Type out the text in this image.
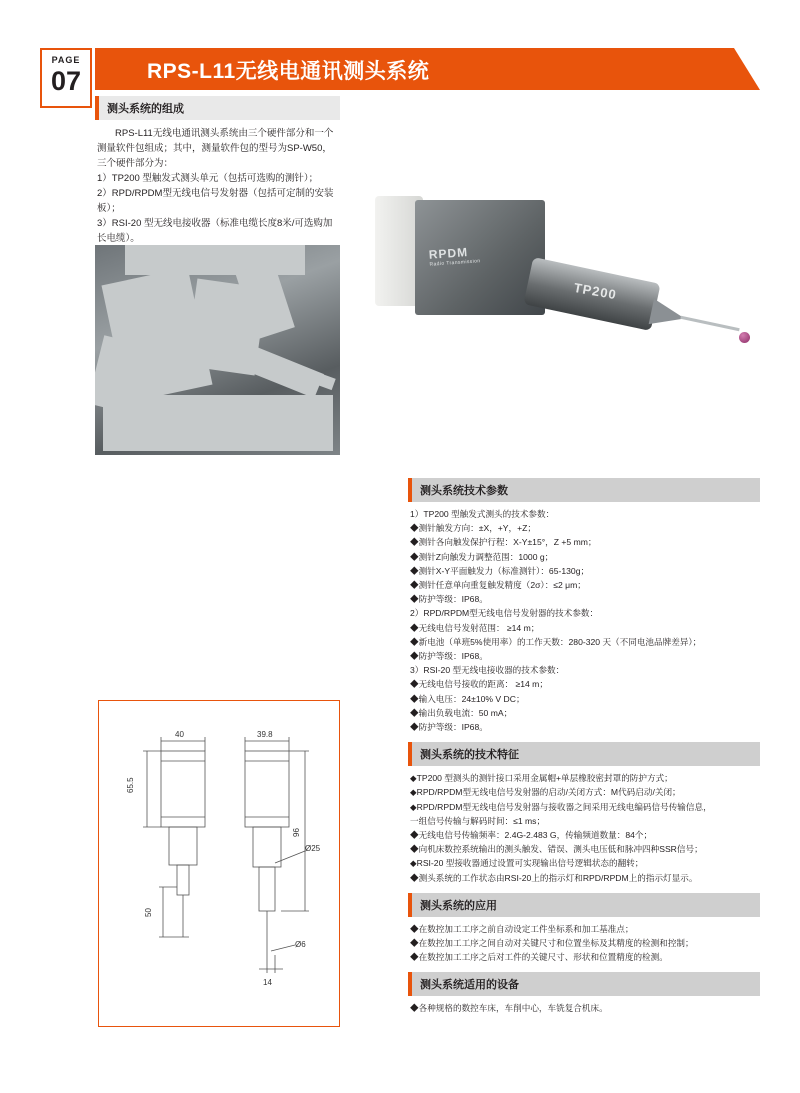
PAGE
07	RPS-L11无线电通讯测头系统
测头系统的组成

RPS-L11无线电通讯测头系统由三个硬件部分和一个测量软件包组成；其中，测量软件包的型号为SP-W50，三个硬件部分为：

1）TP200 型触发式测头单元（包括可选购的测针）；

2）RPD/RPDM型无线电信号发射器（包括可定制的安装板）；

3）RSI-20 型无线电接收器（标准电缆长度8米/可选购加长电缆）。

RPDM
Radio Transmission
TP200
40	39.8
65.5
50
96
Ø25
Ø6
14
测头系统技术参数
1）TP200 型触发式测头的技术参数：
◆测针触发方向：±X，+Y，+Z；
◆测针各向触发保护行程：X-Y±15°，Z +5 mm；
◆测针Z向触发力调整范围：1000 g；
◆测针X-Y平面触发力（标准测针）：65-130g；
◆测针任意单向重复触发精度（2σ）：≤2 μm；
◆防护等级：IP68。
2）RPD/RPDM型无线电信号发射器的技术参数：
◆无线电信号发射范围： ≥14 m；
◆新电池（单班5%使用率）的工作天数：280-320 天（不同电池品牌差异）；
◆防护等级：IP68。
3）RSI-20 型无线电接收器的技术参数：
◆无线电信号接收的距离： ≥14 m；
◆输入电压：24±10% V DC；
◆输出负载电流：50 mA；
◆防护等级：IP68。
测头系统的技术特征
◆TP200 型测头的测针接口采用金属帽+单层橡胶密封罩的防护方式；
◆RPD/RPDM型无线电信号发射器的启动/关闭方式：M代码启动/关闭；
◆RPD/RPDM型无线电信号发射器与接收器之间采用无线电编码信号传输信息，
一组信号传输与解码时间：≤1 ms；
◆无线电信号传输频率：2.4G-2.483 G，传输频道数量：84个；
◆向机床数控系统输出的测头触发、错误、测头电压低和脉冲四种SSR信号；
◆RSI-20 型接收器通过设置可实现输出信号逻辑状态的翻转；
◆测头系统的工作状态由RSI-20上的指示灯和RPD/RPDM上的指示灯显示。
测头系统的应用
◆在数控加工工序之前自动设定工件坐标系和加工基准点；
◆在数控加工工序之间自动对关键尺寸和位置坐标及其精度的检测和控制；
◆在数控加工工序之后对工件的关键尺寸、形状和位置精度的检测。
测头系统适用的设备
◆各种规格的数控车床，车削中心，车铣复合机床。
